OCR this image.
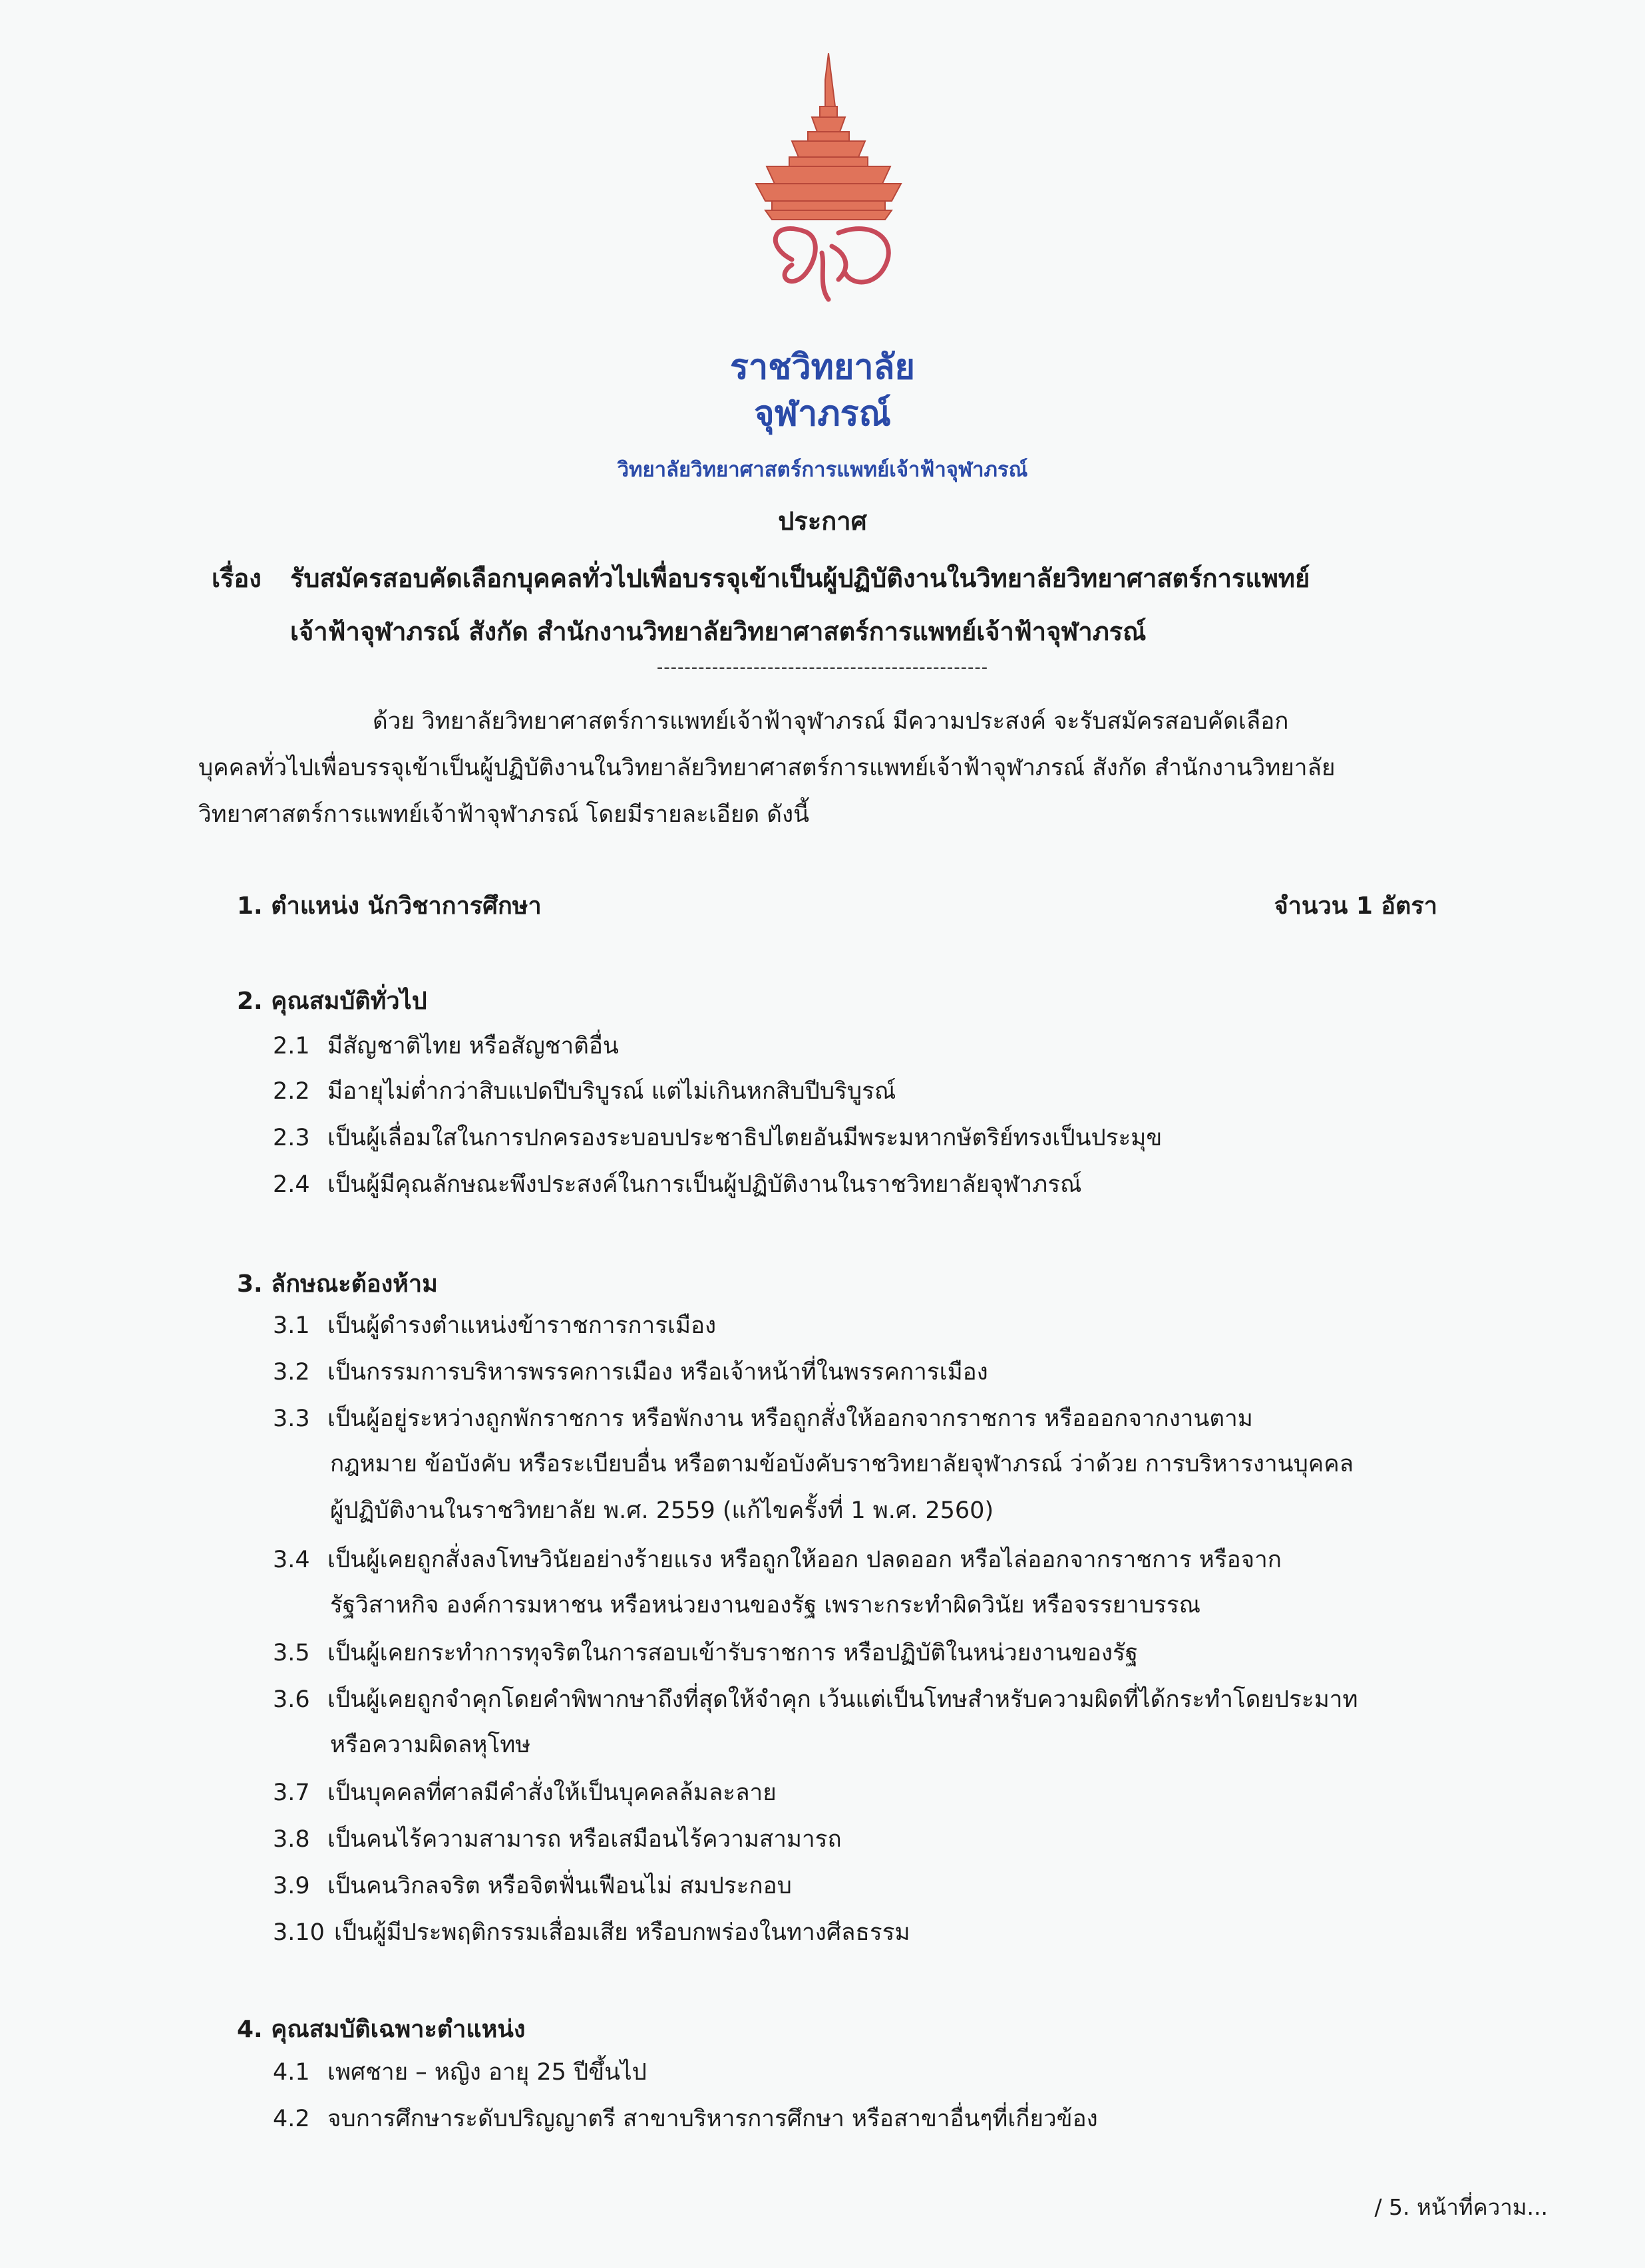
ราชวิทยาลัย
จุฬาภรณ์
วิทยาลัยวิทยาศาสตร์การแพทย์เจ้าฟ้าจุฬาภรณ์
ประกาศ
เรื่อง รับสมัครสอบคัดเลือกบุคคลทั่วไปเพื่อบรรจุเข้าเป็นผู้ปฏิบัติงานในวิทยาลัยวิทยาศาสตร์การแพทย์
เจ้าฟ้าจุฬาภรณ์ สังกัด สำนักงานวิทยาลัยวิทยาศาสตร์การแพทย์เจ้าฟ้าจุฬาภรณ์
------------------------------------------------
ด้วย วิทยาลัยวิทยาศาสตร์การแพทย์เจ้าฟ้าจุฬาภรณ์ มีความประสงค์ จะรับสมัครสอบคัดเลือก
บุคคลทั่วไปเพื่อบรรจุเข้าเป็นผู้ปฏิบัติงานในวิทยาลัยวิทยาศาสตร์การแพทย์เจ้าฟ้าจุฬาภรณ์ สังกัด สำนักงานวิทยาลัย
วิทยาศาสตร์การแพทย์เจ้าฟ้าจุฬาภรณ์ โดยมีรายละเอียด ดังนี้
1. ตำแหน่ง นักวิชาการศึกษา	จำนวน 1 อัตรา
2. คุณสมบัติทั่วไป
2.1 มีสัญชาติไทย หรือสัญชาติอื่น
2.2 มีอายุไม่ต่ำกว่าสิบแปดปีบริบูรณ์ แต่ไม่เกินหกสิบปีบริบูรณ์
2.3 เป็นผู้เลื่อมใสในการปกครองระบอบประชาธิปไตยอันมีพระมหากษัตริย์ทรงเป็นประมุข
2.4 เป็นผู้มีคุณลักษณะพึงประสงค์ในการเป็นผู้ปฏิบัติงานในราชวิทยาลัยจุฬาภรณ์
3. ลักษณะต้องห้าม
3.1 เป็นผู้ดำรงตำแหน่งข้าราชการการเมือง
3.2 เป็นกรรมการบริหารพรรคการเมือง หรือเจ้าหน้าที่ในพรรคการเมือง
3.3 เป็นผู้อยู่ระหว่างถูกพักราชการ หรือพักงาน หรือถูกสั่งให้ออกจากราชการ หรือออกจากงานตาม
กฎหมาย ข้อบังคับ หรือระเบียบอื่น หรือตามข้อบังคับราชวิทยาลัยจุฬาภรณ์ ว่าด้วย การบริหารงานบุคคล
ผู้ปฏิบัติงานในราชวิทยาลัย พ.ศ. 2559 (แก้ไขครั้งที่ 1 พ.ศ. 2560)
3.4 เป็นผู้เคยถูกสั่งลงโทษวินัยอย่างร้ายแรง หรือถูกให้ออก ปลดออก หรือไล่ออกจากราชการ หรือจาก
รัฐวิสาหกิจ องค์การมหาชน หรือหน่วยงานของรัฐ เพราะกระทำผิดวินัย หรือจรรยาบรรณ
3.5 เป็นผู้เคยกระทำการทุจริตในการสอบเข้ารับราชการ หรือปฏิบัติในหน่วยงานของรัฐ
3.6 เป็นผู้เคยถูกจำคุกโดยคำพิพากษาถึงที่สุดให้จำคุก เว้นแต่เป็นโทษสำหรับความผิดที่ได้กระทำโดยประมาท
หรือความผิดลหุโทษ
3.7 เป็นบุคคลที่ศาลมีคำสั่งให้เป็นบุคคลล้มละลาย
3.8 เป็นคนไร้ความสามารถ หรือเสมือนไร้ความสามารถ
3.9 เป็นคนวิกลจริต หรือจิตฟั่นเฟือนไม่ สมประกอบ
3.10 เป็นผู้มีประพฤติกรรมเสื่อมเสีย หรือบกพร่องในทางศีลธรรม
4. คุณสมบัติเฉพาะตำแหน่ง
4.1 เพศชาย – หญิง อายุ 25 ปีขึ้นไป
4.2 จบการศึกษาระดับปริญญาตรี สาขาบริหารการศึกษา หรือสาขาอื่นๆที่เกี่ยวข้อง
/ 5. หน้าที่ความ...
